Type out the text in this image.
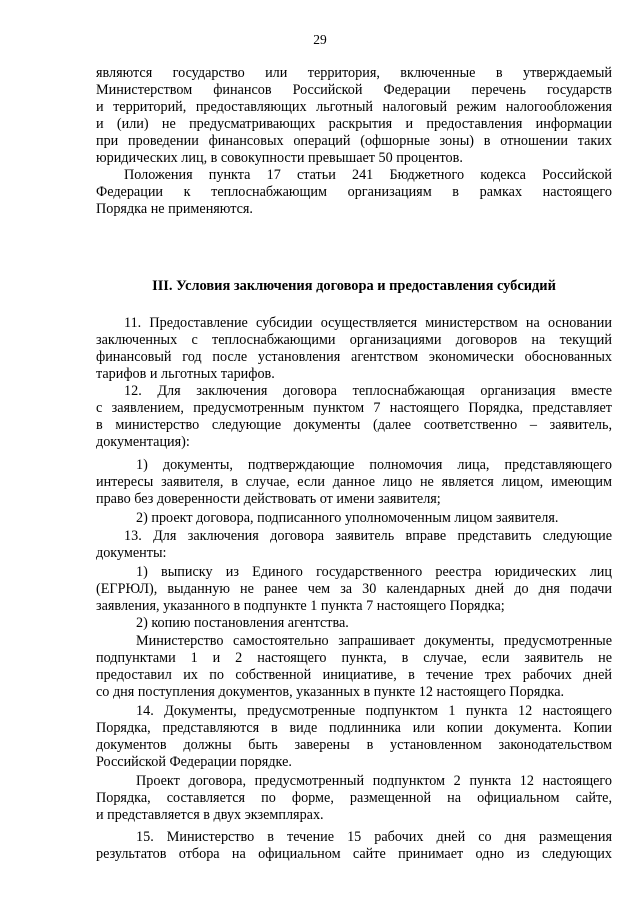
29
являются государство или территория, включенные в утверждаемый
Министерством финансов Российской Федерации перечень государств
и территорий, предоставляющих льготный налоговый режим налогообложения
и (или) не предусматривающих раскрытия и предоставления информации
при проведении финансовых операций (офшорные зоны) в отношении таких
юридических лиц, в совокупности превышает 50 процентов.
Положения пункта 17 статьи 241 Бюджетного кодекса Российской
Федерации к теплоснабжающим организациям в рамках настоящего
Порядка не применяются.
III. Условия заключения договора и предоставления субсидий
11. Предоставление субсидии осуществляется министерством на основании
заключенных с теплоснабжающими организациями договоров на текущий
финансовый год после установления агентством экономически обоснованных
тарифов и льготных тарифов.
12. Для заключения договора теплоснабжающая организация вместе
с заявлением, предусмотренным пунктом 7 настоящего Порядка, представляет
в министерство следующие документы (далее соответственно – заявитель,
документация):
1) документы, подтверждающие полномочия лица, представляющего
интересы заявителя, в случае, если данное лицо не является лицом, имеющим
право без доверенности действовать от имени заявителя;
2) проект договора, подписанного уполномоченным лицом заявителя.
13. Для заключения договора заявитель вправе представить следующие
документы:
1) выписку из Единого государственного реестра юридических лиц
(ЕГРЮЛ), выданную не ранее чем за 30 календарных дней до дня подачи
заявления, указанного в подпункте 1 пункта 7 настоящего Порядка;
2) копию постановления агентства.
Министерство самостоятельно запрашивает документы, предусмотренные
подпунктами 1 и 2 настоящего пункта, в случае, если заявитель не
предоставил их по собственной инициативе, в течение трех рабочих дней
со дня поступления документов, указанных в пункте 12 настоящего Порядка.
14. Документы, предусмотренные подпунктом 1 пункта 12 настоящего
Порядка, представляются в виде подлинника или копии документа. Копии
документов должны быть заверены в установленном законодательством
Российской Федерации порядке.
Проект договора, предусмотренный подпунктом 2 пункта 12 настоящего
Порядка, составляется по форме, размещенной на официальном сайте,
и представляется в двух экземплярах.
15. Министерство в течение 15 рабочих дней со дня размещения
результатов отбора на официальном сайте принимает одно из следующих
